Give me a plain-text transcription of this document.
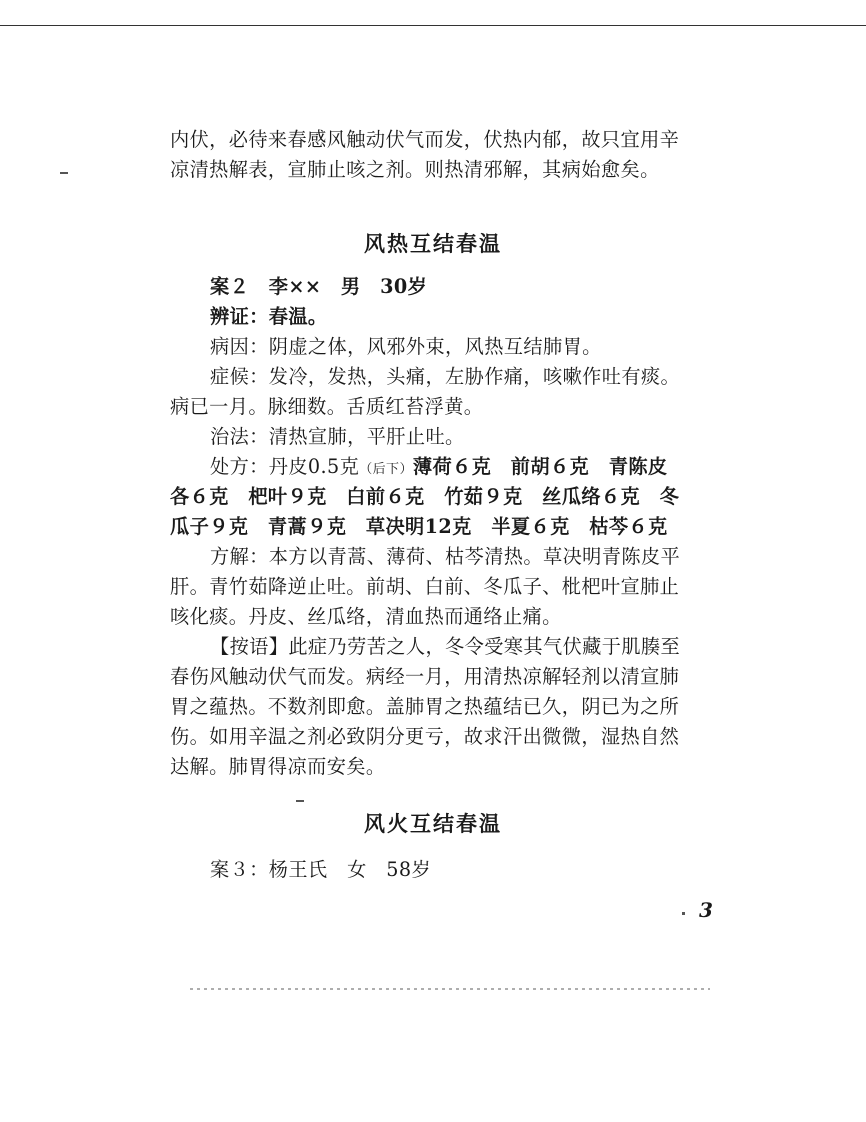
内伏，必待来春感风触动伏气而发，伏热内郁，故只宜用辛
凉清热解表，宣肺止咳之剂。则热清邪解，其病始愈矣。
风热互结春温
案２　李××　男　30岁
辨证：春温。
病因：阴虚之体，风邪外束，风热互结肺胃。
症候：发冷，发热，头痛，左胁作痛，咳嗽作吐有痰。
病已一月。脉细数。舌质红苔浮黄。
治法：清热宣肺，平肝止吐。
处方：丹皮0.5克（后下）薄荷６克　前胡６克　青陈皮
各６克　杷叶９克　白前６克　竹茹９克　丝瓜络６克　冬
瓜子９克　青蒿９克　草决明12克　半夏６克　枯芩６克
方解：本方以青蒿、薄荷、枯芩清热。草决明青陈皮平
肝。青竹茹降逆止吐。前胡、白前、冬瓜子、枇杷叶宣肺止
咳化痰。丹皮、丝瓜络，清血热而通络止痛。
【按语】此症乃劳苦之人，冬令受寒其气伏藏于肌腠至
春伤风触动伏气而发。病经一月，用清热凉解轻剂以清宣肺
胃之蕴热。不数剂即愈。盖肺胃之热蕴结已久，阴已为之所
伤。如用辛温之剂必致阴分更亏，故求汗出微微，湿热自然
达解。肺胃得凉而安矣。
风火互结春温
案３：杨王氏　女　58岁
3
